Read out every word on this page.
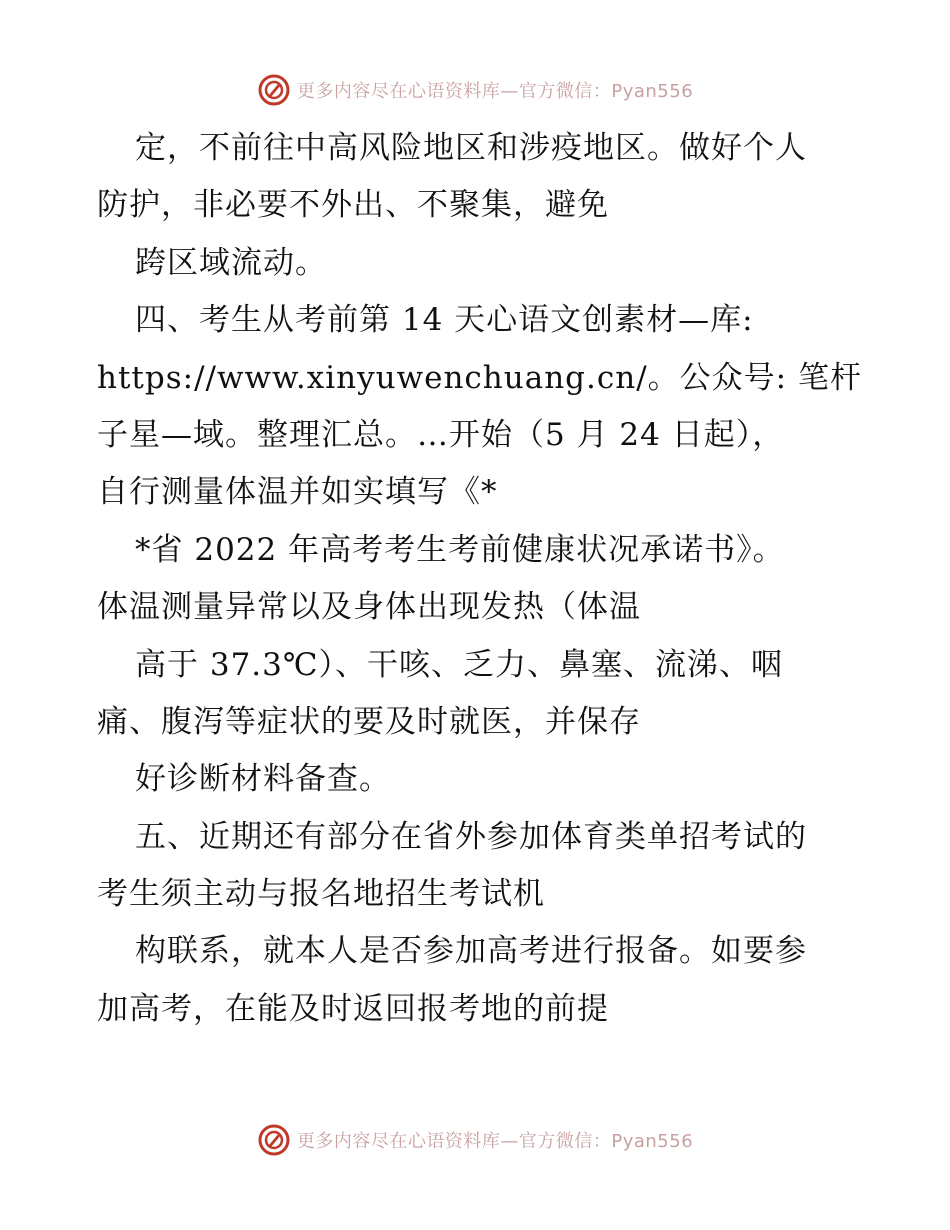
更多内容尽在心语资料库—官方微信：Pyan556
定，不前往中高风险地区和涉疫地区。做好个人
防护，非必要不外出、不聚集，避免
跨区域流动。
四、考生从考前第 14 天心语文创素材—库:
https://www.xinyuwenchuang.cn/。公众号: 笔杆
子星—域。整理汇总。…开始（5 月 24 日起），
自行测量体温并如实填写《*
*省 2022 年高考考生考前健康状况承诺书》。
体温测量异常以及身体出现发热（体温
高于 37.3℃）、干咳、乏力、鼻塞、流涕、咽
痛、腹泻等症状的要及时就医，并保存
好诊断材料备查。
五、近期还有部分在省外参加体育类单招考试的
考生须主动与报名地招生考试机
构联系，就本人是否参加高考进行报备。如要参
加高考，在能及时返回报考地的前提
更多内容尽在心语资料库—官方微信：Pyan556
